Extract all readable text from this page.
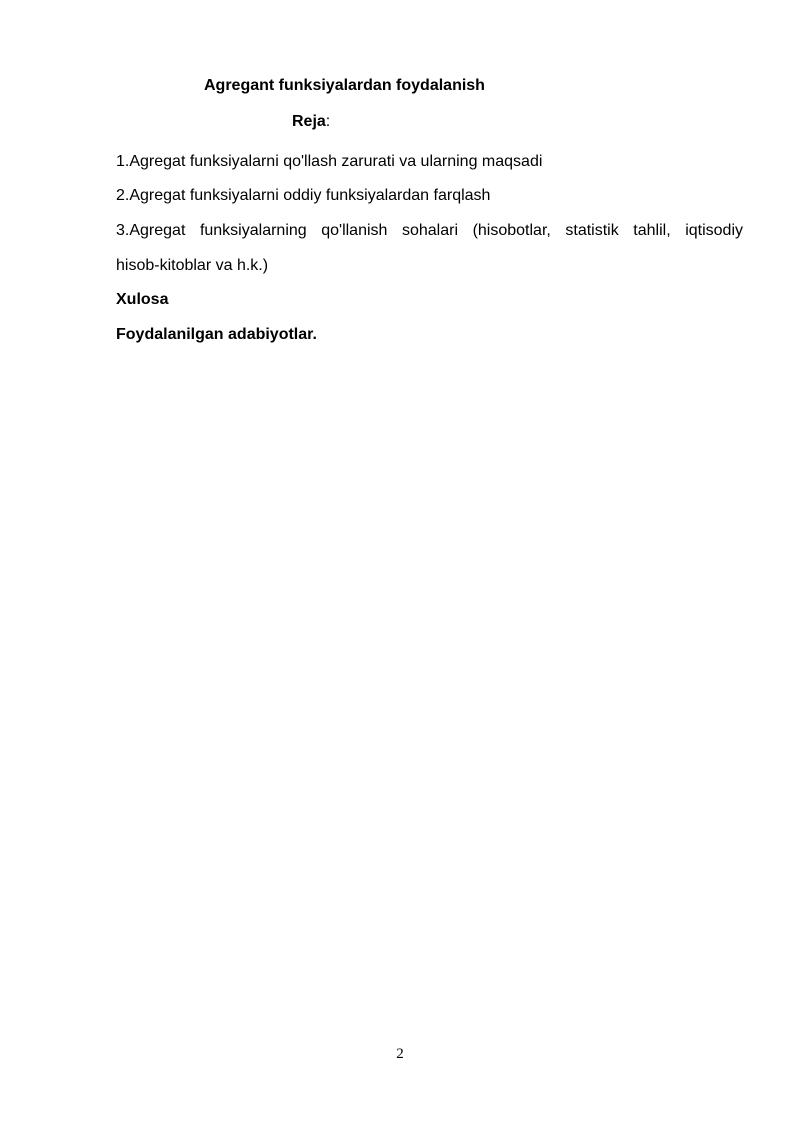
Agregant funksiyalardan foydalanish
Reja:
1.Agregat funksiyalarni qo'llash zarurati va ularning maqsadi
2.Agregat funksiyalarni oddiy funksiyalardan farqlash
3.Agregat funksiyalarning qo'llanish sohalari (hisobotlar, statistik tahlil, iqtisodiy
hisob-kitoblar va h.k.)
Xulosa
Foydalanilgan adabiyotlar.
2
